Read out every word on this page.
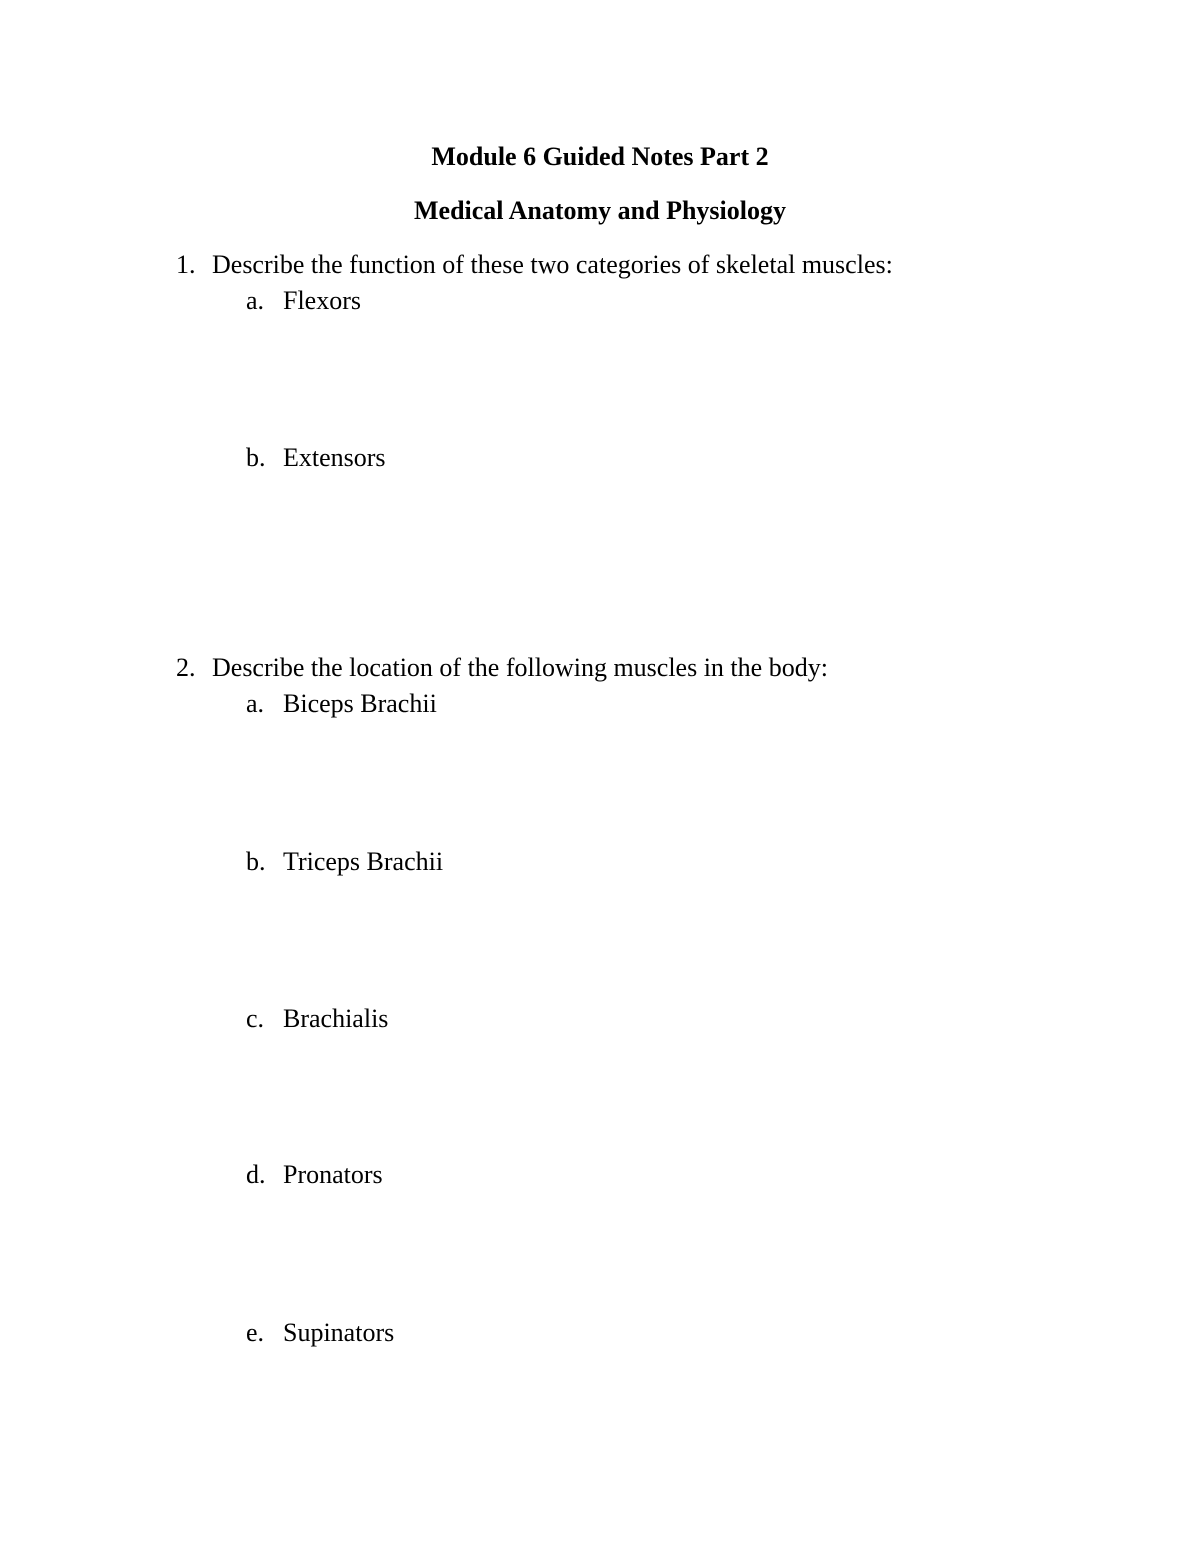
Module 6 Guided Notes Part 2
Medical Anatomy and Physiology
1. Describe the function of these two categories of skeletal muscles:
a. Flexors
b. Extensors
2. Describe the location of the following muscles in the body:
a. Biceps Brachii
b. Triceps Brachii
c. Brachialis
d. Pronators
e. Supinators
